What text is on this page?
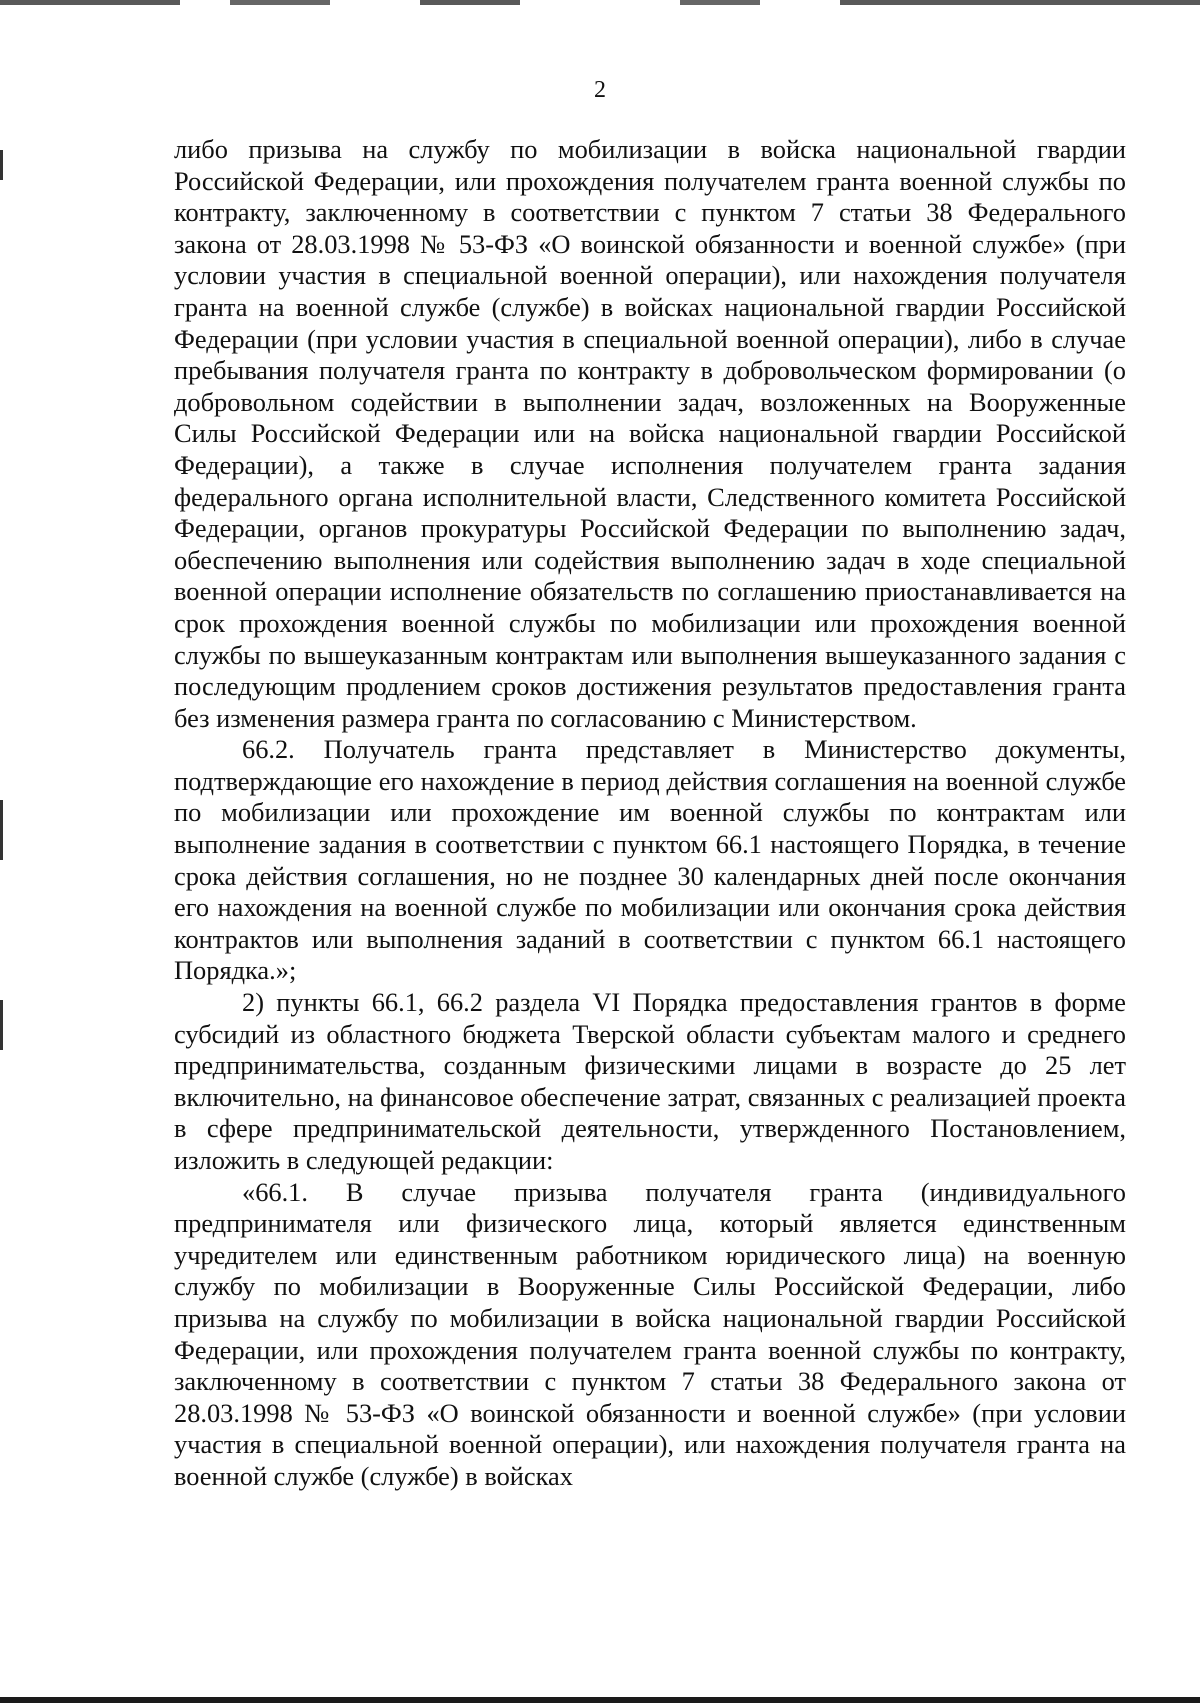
2

либо призыва на службу по мобилизации в войска национальной гвардии Российской Федерации, или прохождения получателем гранта военной службы по контракту, заключенному в соответствии с пунктом 7 статьи 38 Федерального закона от 28.03.1998 № 53-ФЗ «О воинской обязанности и военной службе» (при условии участия в специальной военной операции), или нахождения получателя гранта на военной службе (службе) в войсках национальной гвардии Российской Федерации (при условии участия в специальной военной операции), либо в случае пребывания получателя гранта по контракту в добровольческом формировании (о добровольном содействии в выполнении задач, возложенных на Вооруженные Силы Российской Федерации или на войска национальной гвардии Российской Федерации), а также в случае исполнения получателем гранта задания федерального органа исполнительной власти, Следственного комитета Российской Федерации, органов прокуратуры Российской Федерации по выполнению задач, обеспечению выполнения или содействия выполнению задач в ходе специальной военной операции исполнение обязательств по соглашению приостанавливается на срок прохождения военной службы по мобилизации или прохождения военной службы по вышеуказанным контрактам или выполнения вышеуказанного задания с последующим продлением сроков достижения результатов предоставления гранта без изменения размера гранта по согласованию с Министерством.

66.2. Получатель гранта представляет в Министерство документы, подтверждающие его нахождение в период действия соглашения на военной службе по мобилизации или прохождение им военной службы по контрактам или выполнение задания в соответствии с пунктом 66.1 настоящего Порядка, в течение срока действия соглашения, но не позднее 30 календарных дней после окончания его нахождения на военной службе по мобилизации или окончания срока действия контрактов или выполнения заданий в соответствии с пунктом 66.1 настоящего Порядка.»;

2) пункты 66.1, 66.2 раздела VI Порядка предоставления грантов в форме субсидий из областного бюджета Тверской области субъектам малого и среднего предпринимательства, созданным физическими лицами в возрасте до 25 лет включительно, на финансовое обеспечение затрат, связанных с реализацией проекта в сфере предпринимательской деятельности, утвержденного Постановлением, изложить в следующей редакции:

«66.1. В случае призыва получателя гранта (индивидуального предпринимателя или физического лица, который является единственным учредителем или единственным работником юридического лица) на военную службу по мобилизации в Вооруженные Силы Российской Федерации, либо призыва на службу по мобилизации в войска национальной гвардии Российской Федерации, или прохождения получателем гранта военной службы по контракту, заключенному в соответствии с пунктом 7 статьи 38 Федерального закона от 28.03.1998 № 53-ФЗ «О воинской обязанности и военной службе» (при условии участия в специальной военной операции), или нахождения получателя гранта на военной службе (службе) в войсках
